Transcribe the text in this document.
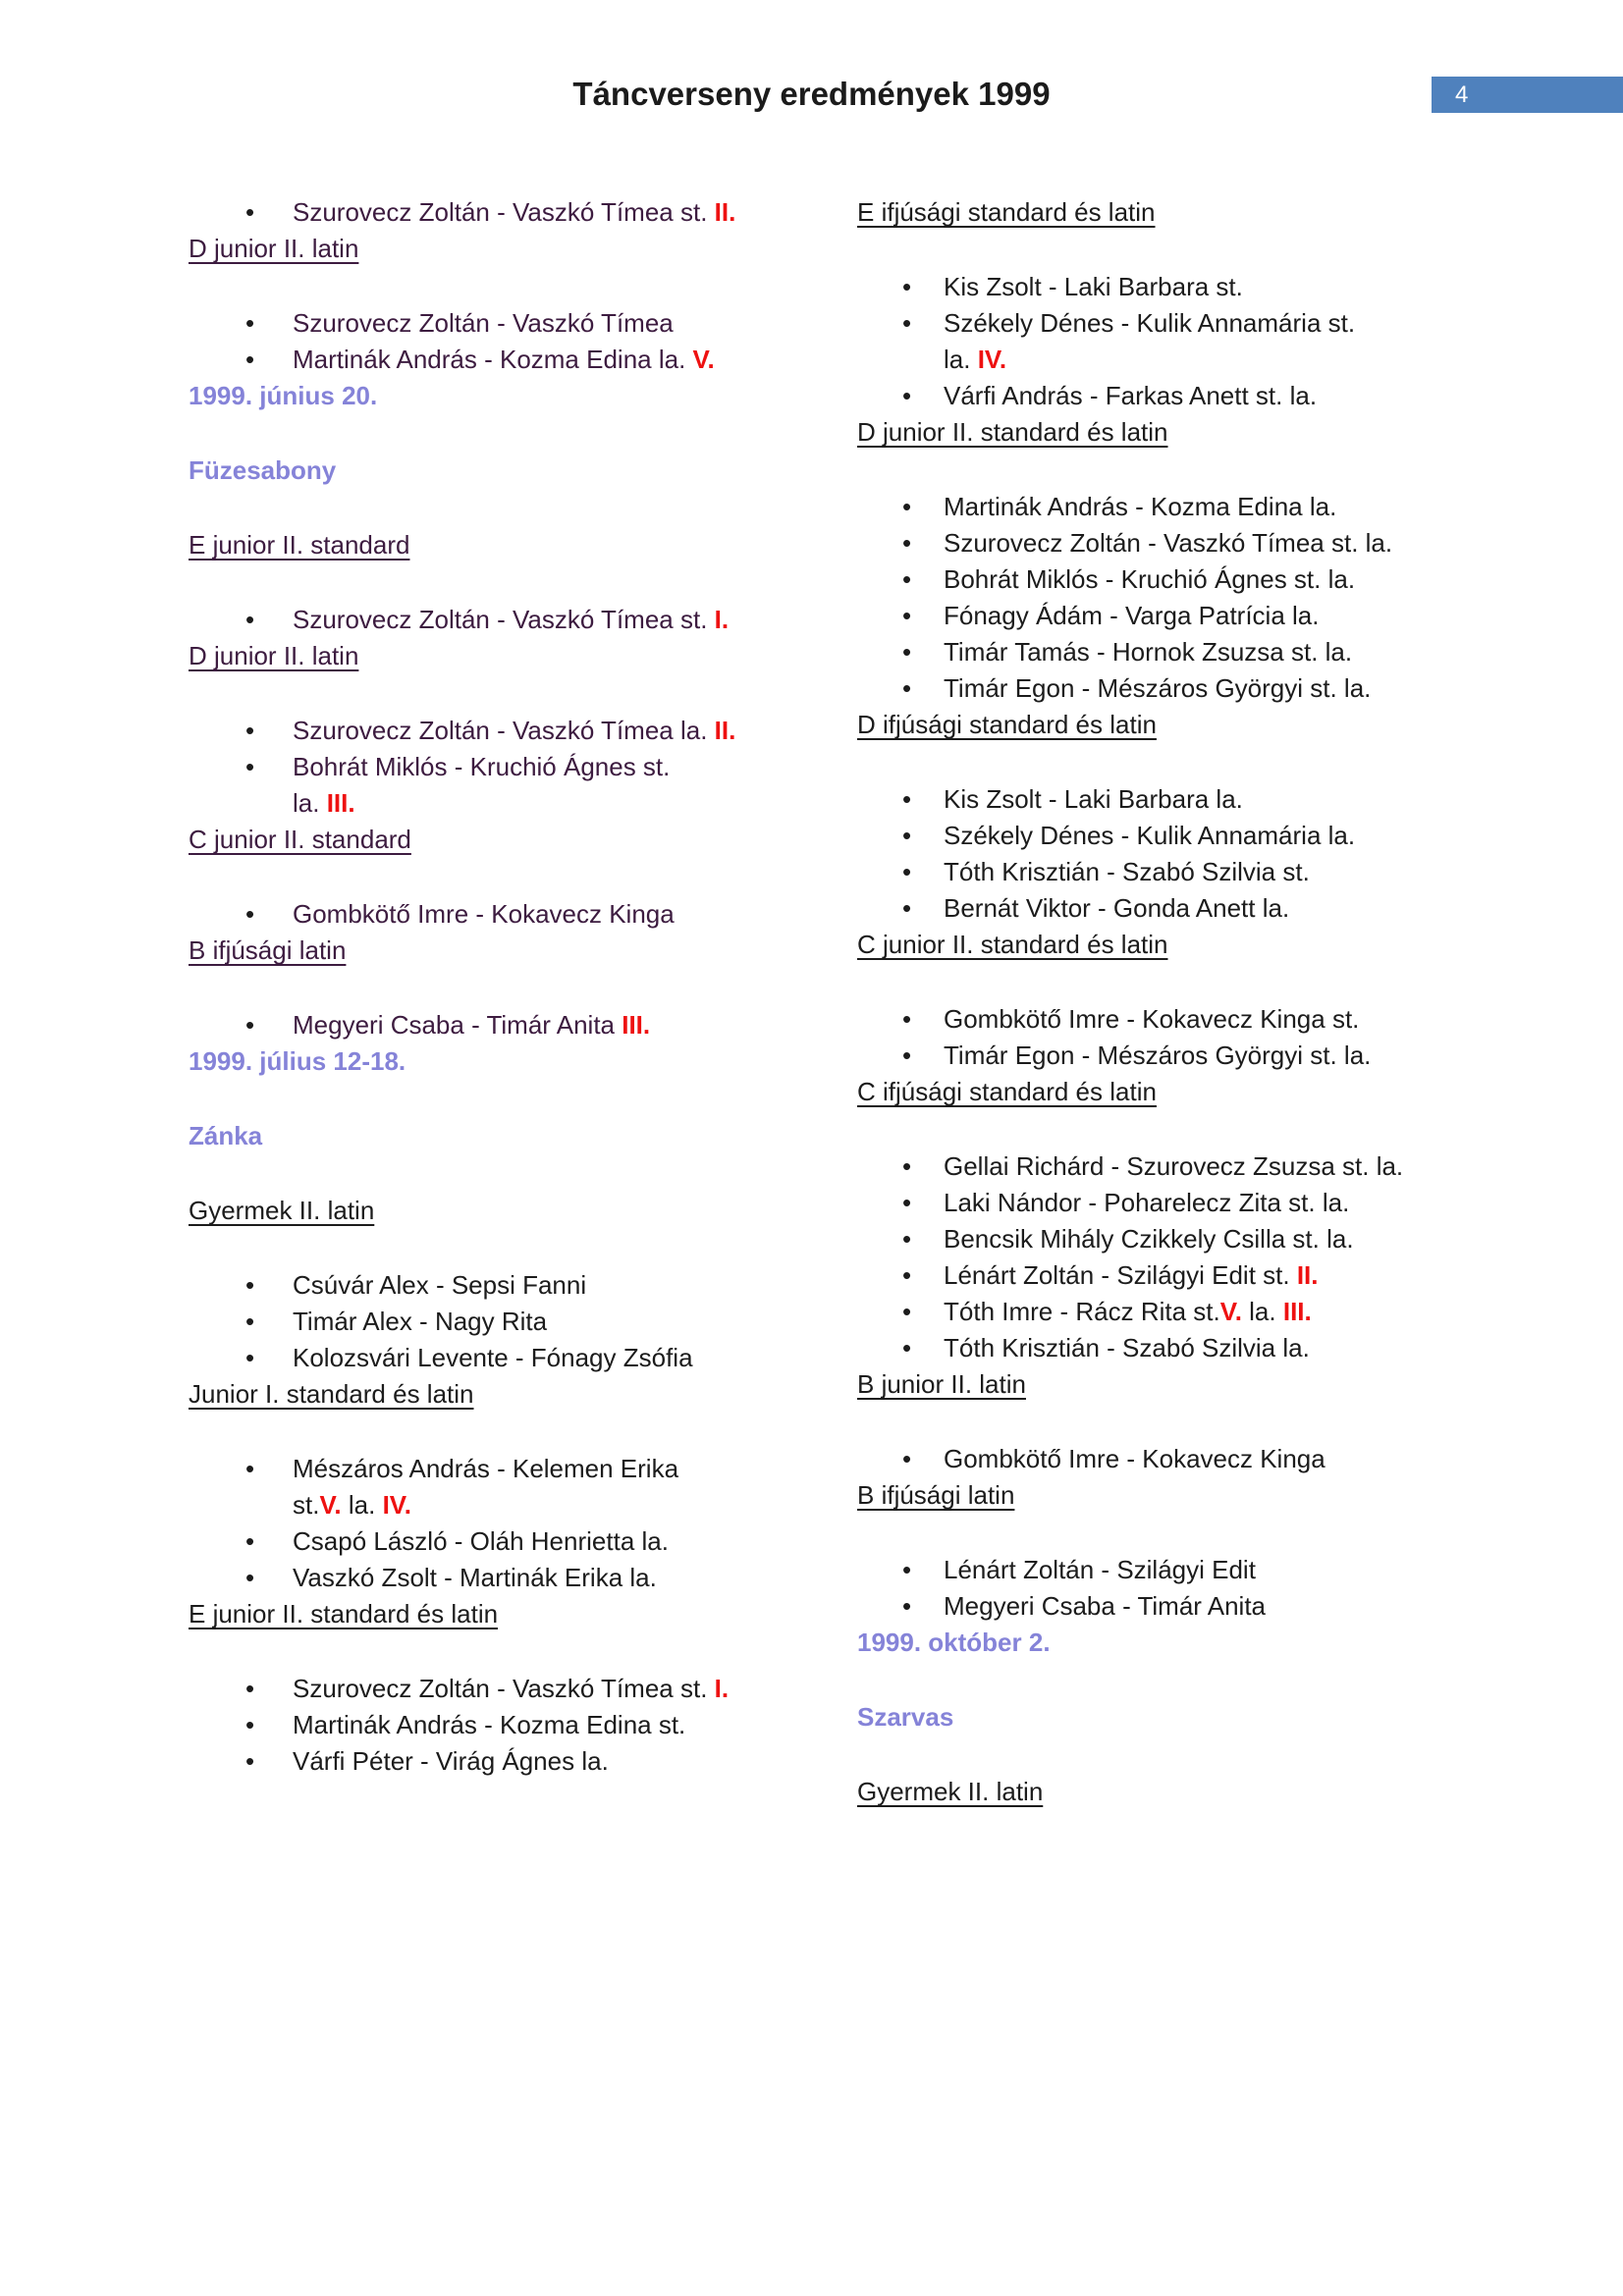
Táncverseny eredmények 1999	4
• Szurovecz Zoltán - Vaszkó Tímea st. II.
D junior II. latin
• Szurovecz Zoltán - Vaszkó Tímea
• Martinák András - Kozma Edina la. V.
1999. június 20.
Füzesabony
E junior II. standard
• Szurovecz Zoltán - Vaszkó Tímea st. I.
D junior II. latin
• Szurovecz Zoltán - Vaszkó Tímea la. II.
• Bohrát Miklós - Kruchió Ágnes st.
la. III.
C junior II. standard
• Gombkötő Imre - Kokavecz Kinga
B ifjúsági latin
• Megyeri Csaba - Timár Anita III.
1999. július 12-18.
Zánka
Gyermek II. latin
• Csúvár Alex - Sepsi Fanni
• Timár Alex - Nagy Rita
• Kolozsvári Levente - Fónagy Zsófia
Junior I. standard és latin
• Mészáros András - Kelemen Erika
st.V. la. IV.
• Csapó László - Oláh Henrietta la.
• Vaszkó Zsolt - Martinák Erika la.
E junior II. standard és latin
• Szurovecz Zoltán - Vaszkó Tímea st. I.
• Martinák András - Kozma Edina st.
• Várfi Péter - Virág Ágnes la.
E ifjúsági standard és latin
• Kis Zsolt - Laki Barbara st.
• Székely Dénes - Kulik Annamária st.
la. IV.
• Várfi András - Farkas Anett st. la.
D junior II. standard és latin
• Martinák András - Kozma Edina la.
• Szurovecz Zoltán - Vaszkó Tímea st. la.
• Bohrát Miklós - Kruchió Ágnes st. la.
• Fónagy Ádám - Varga Patrícia la.
• Timár Tamás - Hornok Zsuzsa st. la.
• Timár Egon - Mészáros Györgyi st. la.
D ifjúsági standard és latin
• Kis Zsolt - Laki Barbara la.
• Székely Dénes - Kulik Annamária la.
• Tóth Krisztián - Szabó Szilvia st.
• Bernát Viktor - Gonda Anett la.
C junior II. standard és latin
• Gombkötő Imre - Kokavecz Kinga st.
• Timár Egon - Mészáros Györgyi st. la.
C ifjúsági standard és latin
• Gellai Richárd - Szurovecz Zsuzsa st. la.
• Laki Nándor - Poharelecz Zita st. la.
• Bencsik Mihály Czikkely Csilla st. la.
• Lénárt Zoltán - Szilágyi Edit st. II.
• Tóth Imre - Rácz Rita st.V. la. III.
• Tóth Krisztián - Szabó Szilvia la.
B junior II. latin
• Gombkötő Imre - Kokavecz Kinga
B ifjúsági latin
• Lénárt Zoltán - Szilágyi Edit
• Megyeri Csaba - Timár Anita
1999. október 2.
Szarvas
Gyermek II. latin
